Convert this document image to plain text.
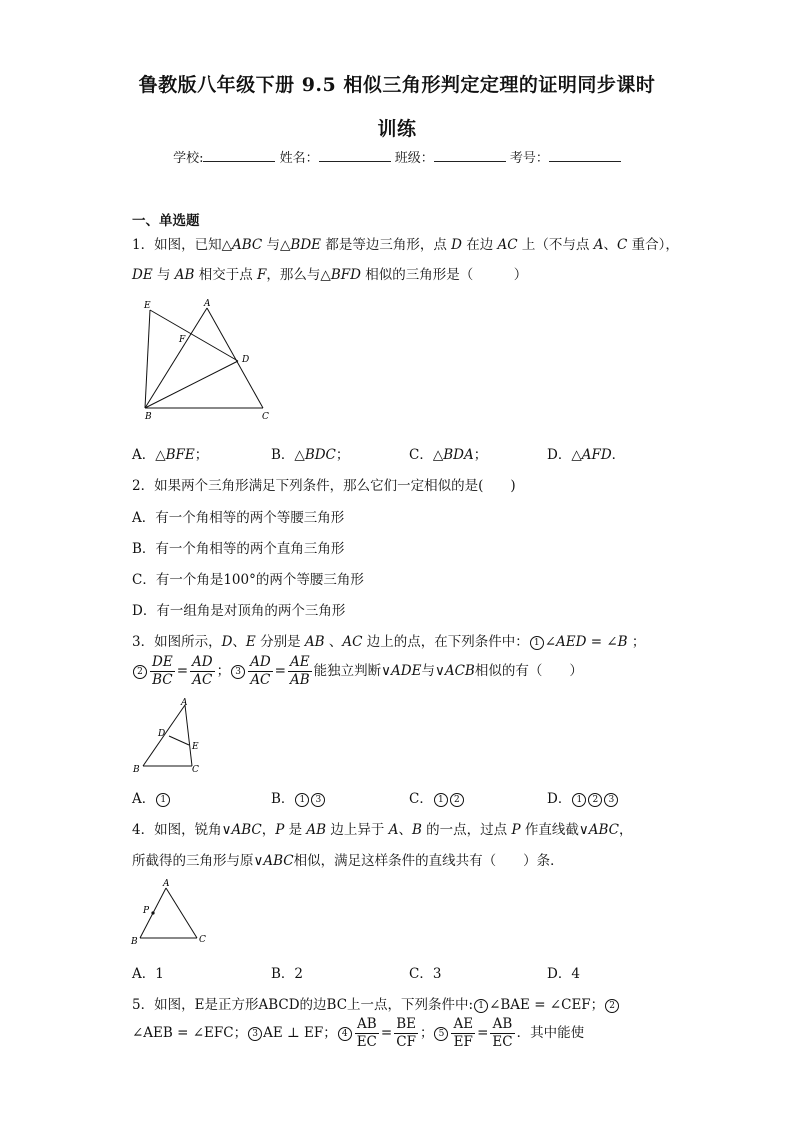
鲁教版八年级下册 9.5 相似三角形判定定理的证明同步课时
训练
学校:	姓名：	班级：	考号：
一、单选题
1．如图，已知△ABC 与△BDE 都是等边三角形，点 D 在边 AC 上（不与点 A、C 重合），
DE 与 AB 相交于点 F，那么与△BFD 相似的三角形是（　　　）
E	A
F
D
B	C
A．△BFE；	B．△BDC；	C．△BDA；	D．△AFD．
2．如果两个三角形满足下列条件，那么它们一定相似的是(　　)
A．有一个角相等的两个等腰三角形
B．有一个角相等的两个直角三角形
C．有一个角是100°的两个等腰三角形
D．有一组角是对顶角的两个三角形
3．如图所示，D、E 分别是 AB 、AC 边上的点，在下列条件中： 1 ∠AED = ∠B ；
$2 \frac{DE}{BC} = \frac{AD}{AC}$ ； $3 \frac{AD}{AC} = \frac{AE}{AB}$ 能独立判断∨ADE与∨ACB相似的有（　　）
A
D
E
B	C
A． 1	B． 1 3	C． 1 2	D． 1 2 3
4．如图，锐角∨ABC，P 是 AB 边上异于 A、B 的一点，过点 P 作直线截∨ABC，
所截得的三角形与原∨ABC相似，满足这样条件的直线共有（　　）条．
A
P
B	C
A．1	B．2	C．3	D．4
5．如图，E是正方形ABCD的边BC上一点，下列条件中: 1 ∠BAE = ∠CEF； 2
∠AEB = ∠EFC； 3 AE ⊥ EF； $4 \frac{AB}{EC} = \frac{BE}{CF}$ ； $5 \frac{AE}{EF} = \frac{AB}{EC}$ ．其中能使
